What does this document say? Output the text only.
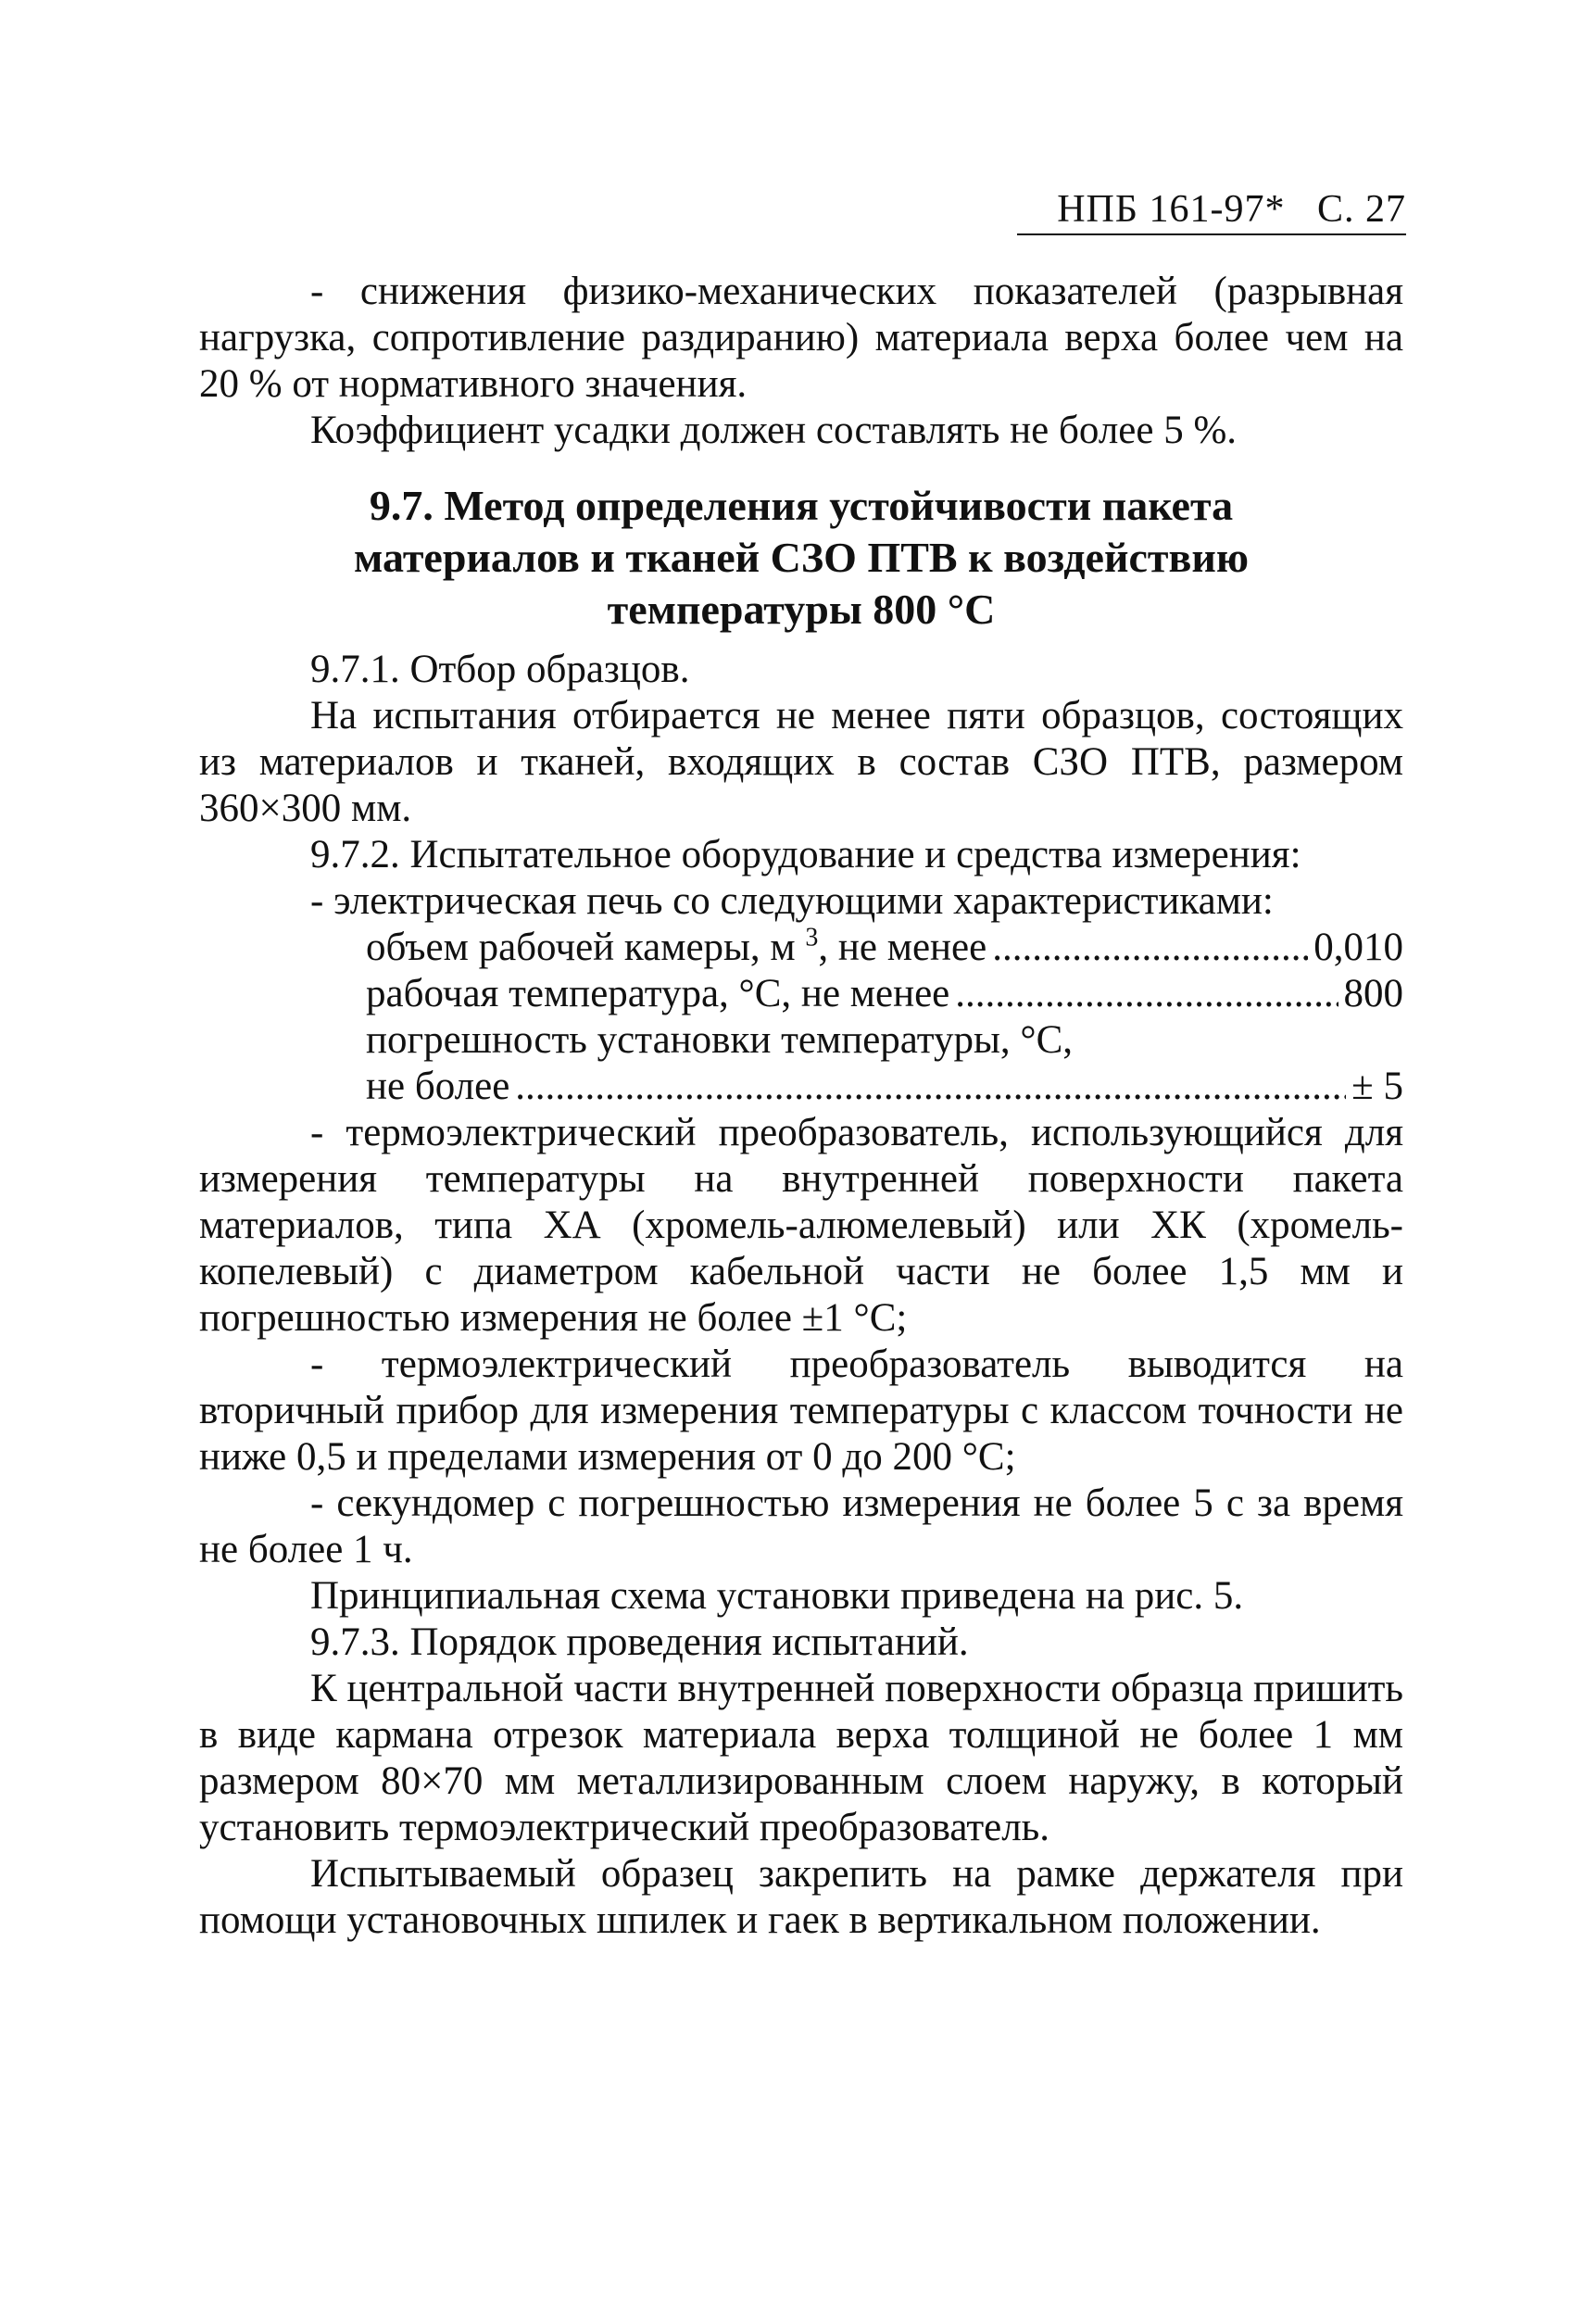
НПБ 161-97*   С. 27

- снижения физико-механических показателей (разрывная нагрузка, сопротивление раздиранию) материала верха более чем на 20 % от нормативного значения.

Коэффициент усадки должен составлять не более 5 %.

9.7. Метод определения устойчивости пакета материалов и тканей СЗО ПТВ к воздействию температуры 800 °С

9.7.1. Отбор образцов.

На испытания отбирается не менее пяти образцов, состоящих из материалов и тканей, входящих в состав СЗО ПТВ, размером 360×300 мм.

9.7.2. Испытательное оборудование и средства измерения:

- электрическая печь со следующими характеристиками:

объем рабочей камеры, м $^3$, не менее .....	0,010
рабочая температура, °С, не менее .....	800
погрешность установки температуры, °С,
не более .....	± 5

- термоэлектрический преобразователь, использующийся для измерения температуры на внутренней поверхности пакета материалов, типа ХА (хромель-алюмелевый) или ХК (хромель-копелевый) с диаметром кабельной части не более 1,5 мм и погрешностью измерения не более ±1 °С;

- термоэлектрический преобразователь выводится на вторичный прибор для измерения температуры с классом точности не ниже 0,5 и пределами измерения от 0 до 200 °С;

- секундомер с погрешностью измерения не более 5 с за время не более 1 ч.

Принципиальная схема установки приведена на рис. 5.

9.7.3. Порядок проведения испытаний.

К центральной части внутренней поверхности образца пришить в виде кармана отрезок материала верха толщиной не более 1 мм размером 80×70 мм металлизированным слоем наружу, в который установить термоэлектрический преобразователь.

Испытываемый образец закрепить на рамке держателя при помощи установочных шпилек и гаек в вертикальном положении.
